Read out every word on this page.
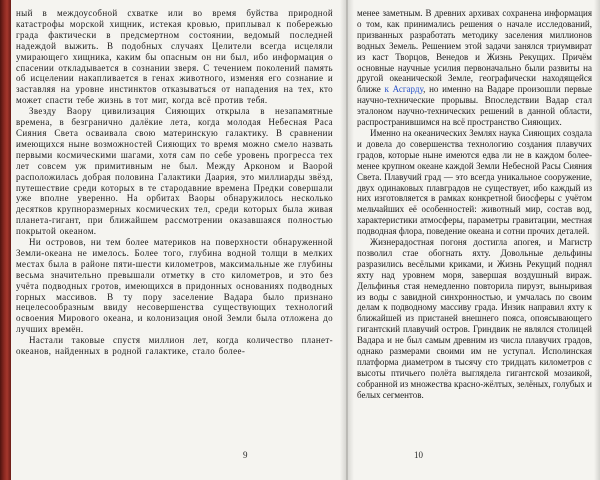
ный в междоусобной схватке или во время буйства природной катастрофы морской хищник, истекая кровью, приплывал к побережью града фактически в предсмертном состоянии, ведомый последней надеждой выжить. В подобных случаях Целители всегда исцеляли умирающего хищника, каким бы опасным он ни был, ибо информация о спасении откладывается в сознании зверя. С течением поколений память об исцелении накапливается в генах животного, изменяя его сознание и заставляя на уровне инстинктов отказываться от нападения на тех, кто может спасти тебе жизнь в тот миг, когда всё против тебя.

Звезду Ваору цивилизация Сияющих открыла в незапамятные времена, в безгранично далёкие лета, когда молодая Небесная Раса Сияния Света осваивала свою материнскую галактику. В сравнении имеющихся ныне возможностей Сияющих то время можно смело назвать первыми космическими шагами, хотя сам по себе уровень прогресса тех лет совсем уж примитивным не был. Между Арконом и Ваорой расположилась добрая половина Галактики Даария, это миллиарды звёзд, путешествие среди которых в те стародавние времена Предки совершали уже вполне уверенно. На орбитах Ваоры обнаружилось несколько десятков крупноразмерных космических тел, среди которых была живая планета-гигант, при ближайшем рассмотрении оказавшаяся полностью покрытой океаном.

Ни островов, ни тем более материков на поверхности обнаруженной Земли-океана не имелось. Более того, глубина водной толщи в мелких местах была в районе пяти-шести километров, максимальные же глубины весьма значительно превышали отметку в сто километров, и это без учёта подводных гротов, имеющихся в придонных основаниях подводных горных массивов. В ту пору заселение Вадара было признано нецелесообразным ввиду несовершенства существующих технологий освоения Мирового океана, и колонизация оной Земли была отложена до лучших времён.

Настали таковые спустя миллион лет, когда количество планет-океанов, найденных в родной галактике, стало более-

менее заметным. В древних архивах сохранена информация о том, как принимались решения о начале исследований, призванных разработать методику заселения миллионов водных Земель. Решением этой задачи занялся триумвират из каст Творцов, Венедов и Жизнь Рекущих. Причём основные научные усилия первоначально были развиты на другой океанической Земле, географически находящейся ближе к Асгарду, но именно на Вадаре произошли первые научно-технические прорывы. Впоследствии Вадар стал эталоном научно-технических решений в данной области, распространившимся на всё пространство Сияющих.

Именно на океанических Землях наука Сияющих создала и довела до совершенства технологию создания плавучих градов, которые ныне имеются едва ли не в каждом более-менее крупном океане каждой Земли Небесной Расы Сияния Света. Плавучий град — это всегда уникальное сооружение, двух одинаковых плавградов не существует, ибо каждый из них изготовляется в рамках конкретной биосферы с учётом мельчайших её особенностей: животный мир, состав вод, характеристики атмосферы, параметры гравитации, местная подводная флора, поведение океана и сотни прочих деталей.

Жизнерадостная погоня достигла апогея, и Магистр позволил стае обогнать яхту. Довольные дельфины разразились весёлыми криками, и Жизнь Рекущий поднял яхту над уровнем моря, завершая воздушный вираж. Дельфинья стая немедленно повторила пируэт, выныривая из воды с завидной синхронностью, и умчалась по своим делам к подводному массиву града. Инзик направил яхту к ближайшей из пристаней внешнего пояса, опоясывающего гигантский плавучий остров. Гриндвик не являлся столицей Вадара и не был самым древним из числа плавучих градов, однако размерами своими им не уступал. Исполинская платформа диаметром в тысячу сто тридцать километров с высоты птичьего полёта выглядела гигантской мозаикой, собранной из множества красно-жёлтых, зелёных, голубых и белых сегментов.

9	10
